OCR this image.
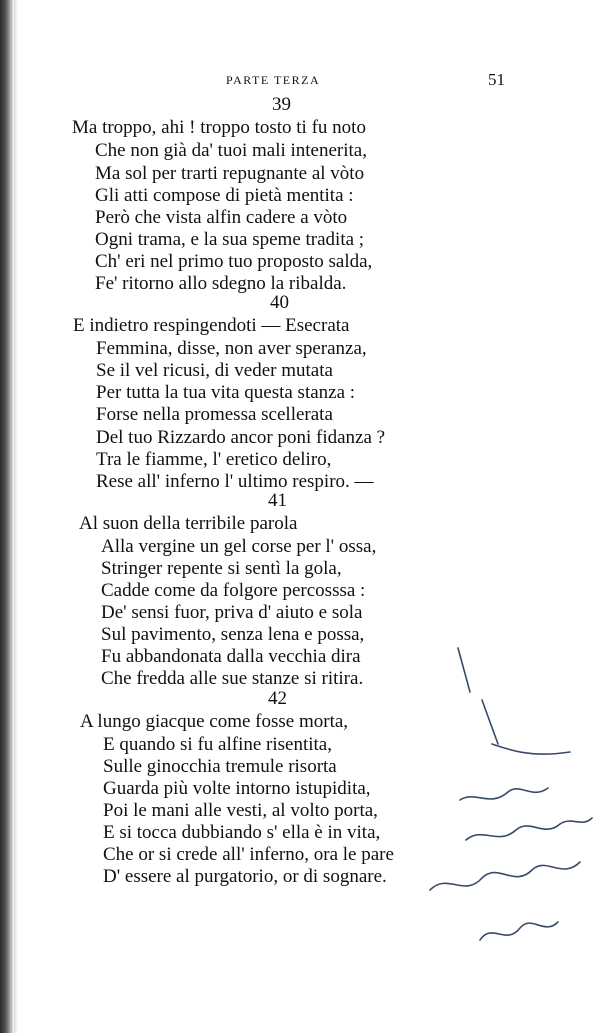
PARTE TERZA	51
39
Ma troppo, ahi ! troppo tosto ti fu noto
Che non già da' tuoi mali intenerita,
Ma sol per trarti repugnante al vòto
Gli atti compose di pietà mentita :
Però che vista alfin cadere a vòto
Ogni trama, e la sua speme tradita ;
Ch' eri nel primo tuo proposto salda,
Fe' ritorno allo sdegno la ribalda.
40
E indietro respingendoti — Esecrata
Femmina, disse, non aver speranza,
Se il vel ricusi, di veder mutata
Per tutta la tua vita questa stanza :
Forse nella promessa scellerata
Del tuo Rizzardo ancor poni fidanza ?
Tra le fiamme, l' eretico deliro,
Rese all' inferno l' ultimo respiro. —
41
Al suon della terribile parola
Alla vergine un gel corse per l' ossa,
Stringer repente si sentì la gola,
Cadde come da folgore percosssa :
De' sensi fuor, priva d' aiuto e sola
Sul pavimento, senza lena e possa,
Fu abbandonata dalla vecchia dira
Che fredda alle sue stanze si ritira.
42
A lungo giacque come fosse morta,
E quando si fu alfine risentita,
Sulle ginocchia tremule risorta
Guarda più volte intorno istupidita,
Poi le mani alle vesti, al volto porta,
E si tocca dubbiando s' ella è in vita,
Che or si crede all' inferno, ora le pare
D' essere al purgatorio, or di sognare.
